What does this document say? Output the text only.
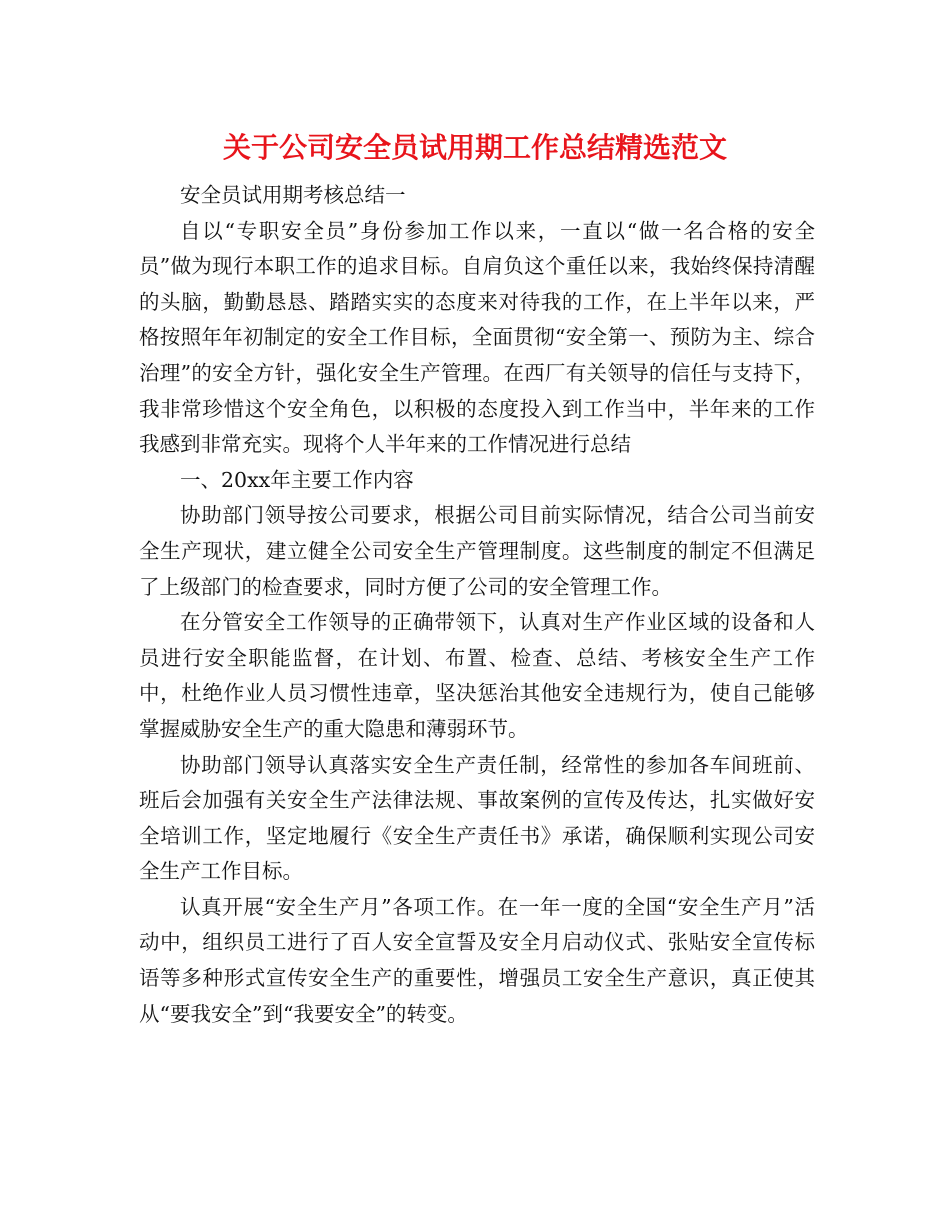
关于公司安全员试用期工作总结精选范文

安全员试用期考核总结一

自以“专职安全员”身份参加工作以来，一直以“做一名合格的安全员”做为现行本职工作的追求目标。自肩负这个重任以来，我始终保持清醒的头脑，勤勤恳恳、踏踏实实的态度来对待我的工作，在上半年以来，严格按照年年初制定的安全工作目标，全面贯彻“安全第一、预防为主、综合治理”的安全方针，强化安全生产管理。在西厂有关领导的信任与支持下，我非常珍惜这个安全角色，以积极的态度投入到工作当中，半年来的工作我感到非常充实。现将个人半年来的工作情况进行总结

一、20xx年主要工作内容

协助部门领导按公司要求，根据公司目前实际情况，结合公司当前安全生产现状，建立健全公司安全生产管理制度。这些制度的制定不但满足了上级部门的检查要求，同时方便了公司的安全管理工作。

在分管安全工作领导的正确带领下，认真对生产作业区域的设备和人员进行安全职能监督，在计划、布置、检查、总结、考核安全生产工作中，杜绝作业人员习惯性违章，坚决惩治其他安全违规行为，使自己能够掌握威胁安全生产的重大隐患和薄弱环节。

协助部门领导认真落实安全生产责任制，经常性的参加各车间班前、班后会加强有关安全生产法律法规、事故案例的宣传及传达，扎实做好安全培训工作，坚定地履行《安全生产责任书》承诺，确保顺利实现公司安全生产工作目标。

认真开展“安全生产月”各项工作。在一年一度的全国“安全生产月”活动中，组织员工进行了百人安全宣誓及安全月启动仪式、张贴安全宣传标语等多种形式宣传安全生产的重要性，增强员工安全生产意识，真正使其从“要我安全”到“我要安全”的转变。
